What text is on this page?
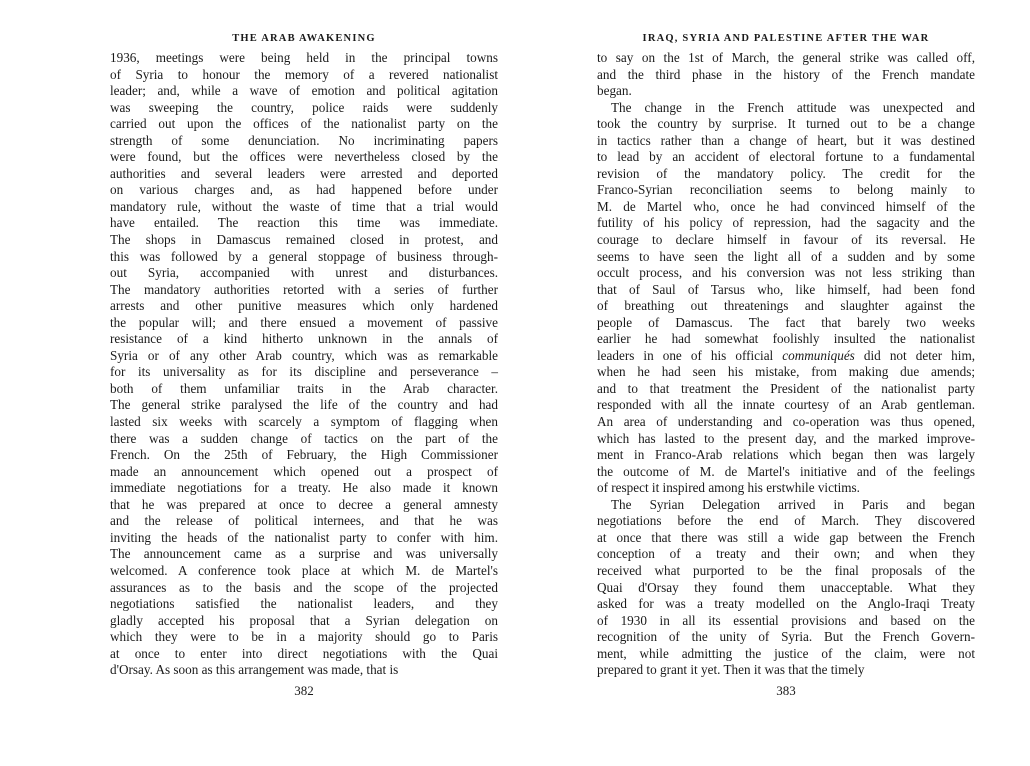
THE ARAB AWAKENING
1936, meetings were being held in the principal towns
of Syria to honour the memory of a revered nationalist
leader; and, while a wave of emotion and political agitation
was sweeping the country, police raids were suddenly
carried out upon the offices of the nationalist party on the
strength of some denunciation. No incriminating papers
were found, but the offices were nevertheless closed by the
authorities and several leaders were arrested and deported
on various charges and, as had happened before under
mandatory rule, without the waste of time that a trial would
have entailed. The reaction this time was immediate.
The shops in Damascus remained closed in protest, and
this was followed by a general stoppage of business through-
out Syria, accompanied with unrest and disturbances.
The mandatory authorities retorted with a series of further
arrests and other punitive measures which only hardened
the popular will; and there ensued a movement of passive
resistance of a kind hitherto unknown in the annals of
Syria or of any other Arab country, which was as remarkable
for its universality as for its discipline and perseverance –
both of them unfamiliar traits in the Arab character.
The general strike paralysed the life of the country and had
lasted six weeks with scarcely a symptom of flagging when
there was a sudden change of tactics on the part of the
French. On the 25th of February, the High Commissioner
made an announcement which opened out a prospect of
immediate negotiations for a treaty. He also made it known
that he was prepared at once to decree a general amnesty
and the release of political internees, and that he was
inviting the heads of the nationalist party to confer with him.
The announcement came as a surprise and was universally
welcomed. A conference took place at which M. de Martel's
assurances as to the basis and the scope of the projected
negotiations satisfied the nationalist leaders, and they
gladly accepted his proposal that a Syrian delegation on
which they were to be in a majority should go to Paris
at once to enter into direct negotiations with the Quai
d'Orsay. As soon as this arrangement was made, that is
382
IRAQ, SYRIA AND PALESTINE AFTER THE WAR
to say on the 1st of March, the general strike was called off,
and the third phase in the history of the French mandate
began.
The change in the French attitude was unexpected and
took the country by surprise. It turned out to be a change
in tactics rather than a change of heart, but it was destined
to lead by an accident of electoral fortune to a fundamental
revision of the mandatory policy. The credit for the
Franco-Syrian reconciliation seems to belong mainly to
M. de Martel who, once he had convinced himself of the
futility of his policy of repression, had the sagacity and the
courage to declare himself in favour of its reversal. He
seems to have seen the light all of a sudden and by some
occult process, and his conversion was not less striking than
that of Saul of Tarsus who, like himself, had been fond
of breathing out threatenings and slaughter against the
people of Damascus. The fact that barely two weeks
earlier he had somewhat foolishly insulted the nationalist
leaders in one of his official communiqués did not deter him,
when he had seen his mistake, from making due amends;
and to that treatment the President of the nationalist party
responded with all the innate courtesy of an Arab gentleman.
An area of understanding and co-operation was thus opened,
which has lasted to the present day, and the marked improve-
ment in Franco-Arab relations which began then was largely
the outcome of M. de Martel's initiative and of the feelings
of respect it inspired among his erstwhile victims.
The Syrian Delegation arrived in Paris and began
negotiations before the end of March. They discovered
at once that there was still a wide gap between the French
conception of a treaty and their own; and when they
received what purported to be the final proposals of the
Quai d'Orsay they found them unacceptable. What they
asked for was a treaty modelled on the Anglo-Iraqi Treaty
of 1930 in all its essential provisions and based on the
recognition of the unity of Syria. But the French Govern-
ment, while admitting the justice of the claim, were not
prepared to grant it yet. Then it was that the timely
383
